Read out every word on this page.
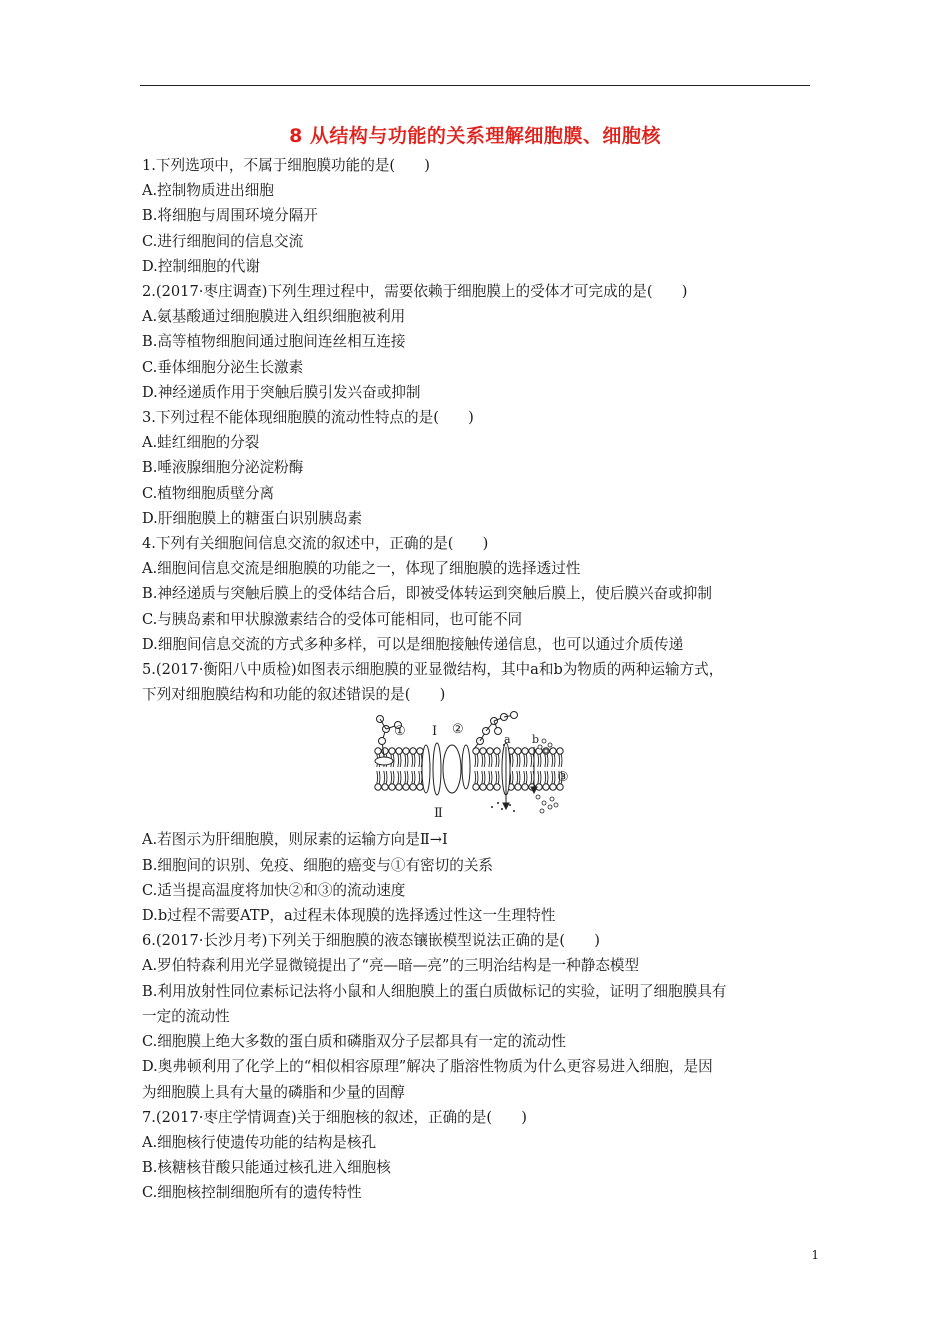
8 从结构与功能的关系理解细胞膜、细胞核
1.下列选项中，不属于细胞膜功能的是(　　)
A.控制物质进出细胞
B.将细胞与周围环境分隔开
C.进行细胞间的信息交流
D.控制细胞的代谢
2.(2017·枣庄调查)下列生理过程中，需要依赖于细胞膜上的受体才可完成的是(　　)
A.氨基酸通过细胞膜进入组织细胞被利用
B.高等植物细胞间通过胞间连丝相互连接
C.垂体细胞分泌生长激素
D.神经递质作用于突触后膜引发兴奋或抑制
3.下列过程不能体现细胞膜的流动性特点的是(　　)
A.蛙红细胞的分裂
B.唾液腺细胞分泌淀粉酶
C.植物细胞质壁分离
D.肝细胞膜上的糖蛋白识别胰岛素
4.下列有关细胞间信息交流的叙述中，正确的是(　　)
A.细胞间信息交流是细胞膜的功能之一，体现了细胞膜的选择透过性
B.神经递质与突触后膜上的受体结合后，即被受体转运到突触后膜上，使后膜兴奋或抑制
C.与胰岛素和甲状腺激素结合的受体可能相同，也可能不同
D.细胞间信息交流的方式多种多样，可以是细胞接触传递信息，也可以通过介质传递
5.(2017·衡阳八中质检)如图表示细胞膜的亚显微结构，其中a和b为物质的两种运输方式，
下列对细胞膜结构和功能的叙述错误的是(　　)
① Ⅰ ②
③
Ⅱ
a b
A.若图示为肝细胞膜，则尿素的运输方向是Ⅱ→Ⅰ
B.细胞间的识别、免疫、细胞的癌变与①有密切的关系
C.适当提高温度将加快②和③的流动速度
D.b过程不需要ATP，a过程未体现膜的选择透过性这一生理特性
6.(2017·长沙月考)下列关于细胞膜的液态镶嵌模型说法正确的是(　　)
A.罗伯特森利用光学显微镜提出了“亮—暗—亮”的三明治结构是一种静态模型
B.利用放射性同位素标记法将小鼠和人细胞膜上的蛋白质做标记的实验，证明了细胞膜具有
一定的流动性
C.细胞膜上绝大多数的蛋白质和磷脂双分子层都具有一定的流动性
D.奥弗顿利用了化学上的“相似相容原理”解决了脂溶性物质为什么更容易进入细胞，是因
为细胞膜上具有大量的磷脂和少量的固醇
7.(2017·枣庄学情调查)关于细胞核的叙述，正确的是(　　)
A.细胞核行使遗传功能的结构是核孔
B.核糖核苷酸只能通过核孔进入细胞核
C.细胞核控制细胞所有的遗传特性
1
